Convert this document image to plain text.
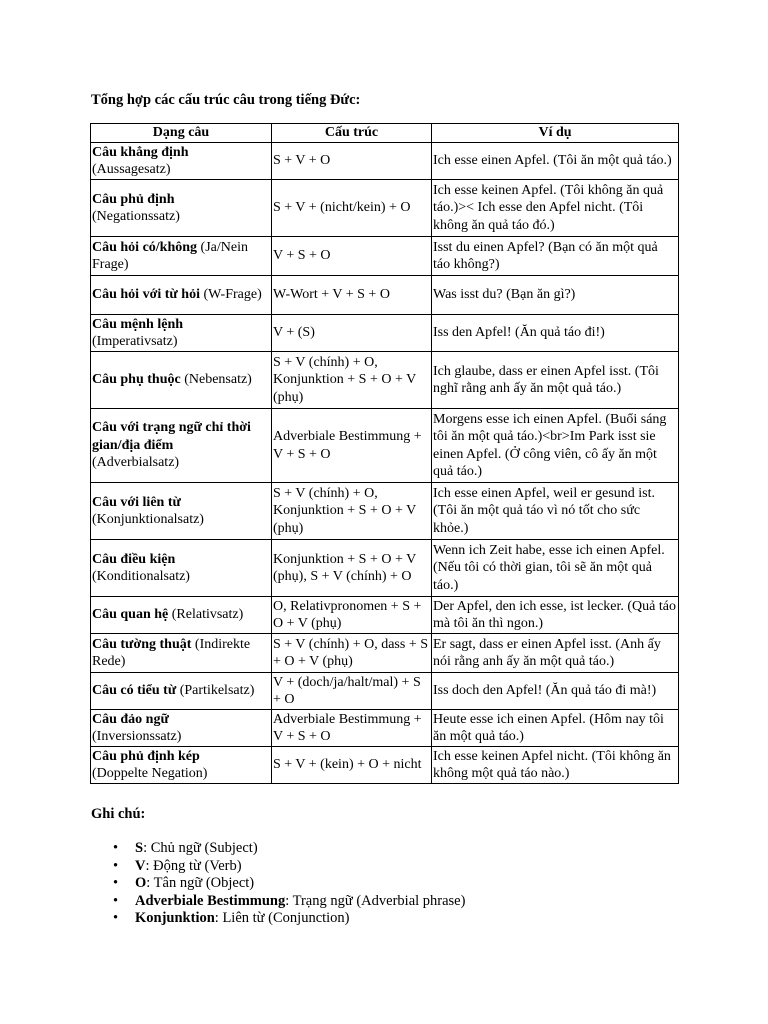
Tổng hợp các cấu trúc câu trong tiếng Đức:
Dạng câu	Cấu trúc	Ví dụ
Câu khẳng định
(Aussagesatz)	S + V + O	Ich esse einen Apfel. (Tôi ăn một quả táo.)
Câu phủ định
(Negationssatz)	S + V + (nicht/kein) + O	Ich esse keinen Apfel. (Tôi không ăn quả táo.)>< Ich esse den Apfel nicht. (Tôi không ăn quả táo đó.)
Câu hỏi có/không (Ja/Nein Frage)	V + S + O	Isst du einen Apfel? (Bạn có ăn một quả táo không?)
Câu hỏi với từ hỏi (W-Frage)	W-Wort + V + S + O	Was isst du? (Bạn ăn gì?)
Câu mệnh lệnh
(Imperativsatz)	V + (S)	Iss den Apfel! (Ăn quả táo đi!)
Câu phụ thuộc (Nebensatz)	S + V (chính) + O, Konjunktion + S + O + V (phụ)	Ich glaube, dass er einen Apfel isst. (Tôi nghĩ rằng anh ấy ăn một quả táo.)
Câu với trạng ngữ chỉ thời gian/địa điểm
(Adverbialsatz)	Adverbiale Bestimmung + V + S + O	Morgens esse ich einen Apfel. (Buổi sáng tôi ăn một quả táo.)<br>Im Park isst sie einen Apfel. (Ở công viên, cô ấy ăn một quả táo.)
Câu với liên từ
(Konjunktionalsatz)	S + V (chính) + O, Konjunktion + S + O + V (phụ)	Ich esse einen Apfel, weil er gesund ist. (Tôi ăn một quả táo vì nó tốt cho sức khỏe.)
Câu điều kiện
(Konditionalsatz)	Konjunktion + S + O + V (phụ), S + V (chính) + O	Wenn ich Zeit habe, esse ich einen Apfel. (Nếu tôi có thời gian, tôi sẽ ăn một quả táo.)
Câu quan hệ (Relativsatz)	O, Relativpronomen + S + O + V (phụ)	Der Apfel, den ich esse, ist lecker. (Quả táo mà tôi ăn thì ngon.)
Câu tường thuật (Indirekte Rede)	S + V (chính) + O, dass + S + O + V (phụ)	Er sagt, dass er einen Apfel isst. (Anh ấy nói rằng anh ấy ăn một quả táo.)
Câu có tiểu từ (Partikelsatz)	V + (doch/ja/halt/mal) + S + O	Iss doch den Apfel! (Ăn quả táo đi mà!)
Câu đảo ngữ
(Inversionssatz)	Adverbiale Bestimmung + V + S + O	Heute esse ich einen Apfel. (Hôm nay tôi ăn một quả táo.)
Câu phủ định kép
(Doppelte Negation)	S + V + (kein) + O + nicht	Ich esse keinen Apfel nicht. (Tôi không ăn không một quả táo nào.)
Ghi chú:
• S: Chủ ngữ (Subject)
• V: Động từ (Verb)
• O: Tân ngữ (Object)
• Adverbiale Bestimmung: Trạng ngữ (Adverbial phrase)
• Konjunktion: Liên từ (Conjunction)
